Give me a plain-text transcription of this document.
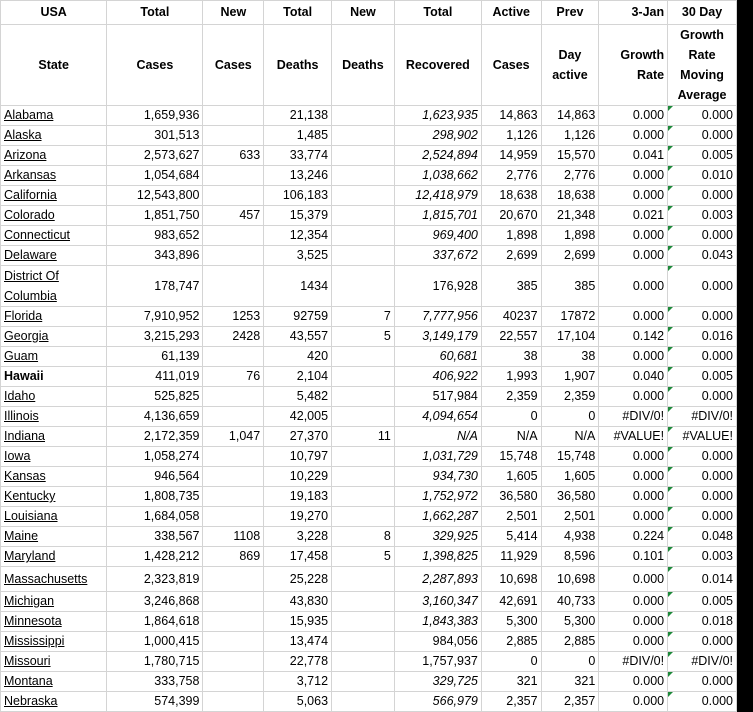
USA	Total	New	Total	New	Total	Active	Prev	3-Jan	30 Day
State	Cases	Cases	Deaths	Deaths	Recovered	Cases	Day active	Growth Rate	Growth Rate Moving Average
Alabama	1,659,936		21,138		1,623,935	14,863	14,863	0.000	0.000
Alaska	301,513		1,485		298,902	1,126	1,126	0.000	0.000
Arizona	2,573,627	633	33,774		2,524,894	14,959	15,570	0.041	0.005
Arkansas	1,054,684		13,246		1,038,662	2,776	2,776	0.000	0.010
California	12,543,800		106,183		12,418,979	18,638	18,638	0.000	0.000
Colorado	1,851,750	457	15,379		1,815,701	20,670	21,348	0.021	0.003
Connecticut	983,652		12,354		969,400	1,898	1,898	0.000	0.000
Delaware	343,896		3,525		337,672	2,699	2,699	0.000	0.043
District Of Columbia	178,747		1434		176,928	385	385	0.000	0.000
Florida	7,910,952	1253	92759	7	7,777,956	40237	17872	0.000	0.000
Georgia	3,215,293	2428	43,557	5	3,149,179	22,557	17,104	0.142	0.016
Guam	61,139		420		60,681	38	38	0.000	0.000
Hawaii	411,019	76	2,104		406,922	1,993	1,907	0.040	0.005
Idaho	525,825		5,482		517,984	2,359	2,359	0.000	0.000
Illinois	4,136,659		42,005		4,094,654	0	0	#DIV/0!	#DIV/0!
Indiana	2,172,359	1,047	27,370	11	N/A	N/A	N/A	#VALUE!	#VALUE!
Iowa	1,058,274		10,797		1,031,729	15,748	15,748	0.000	0.000
Kansas	946,564		10,229		934,730	1,605	1,605	0.000	0.000
Kentucky	1,808,735		19,183		1,752,972	36,580	36,580	0.000	0.000
Louisiana	1,684,058		19,270		1,662,287	2,501	2,501	0.000	0.000
Maine	338,567	1108	3,228	8	329,925	5,414	4,938	0.224	0.048
Maryland	1,428,212	869	17,458	5	1,398,825	11,929	8,596	0.101	0.003
Massachusetts	2,323,819		25,228		2,287,893	10,698	10,698	0.000	0.014
Michigan	3,246,868		43,830		3,160,347	42,691	40,733	0.000	0.005
Minnesota	1,864,618		15,935		1,843,383	5,300	5,300	0.000	0.018
Mississippi	1,000,415		13,474		984,056	2,885	2,885	0.000	0.000
Missouri	1,780,715		22,778		1,757,937	0	0	#DIV/0!	#DIV/0!
Montana	333,758		3,712		329,725	321	321	0.000	0.000
Nebraska	574,399		5,063		566,979	2,357	2,357	0.000	0.000
